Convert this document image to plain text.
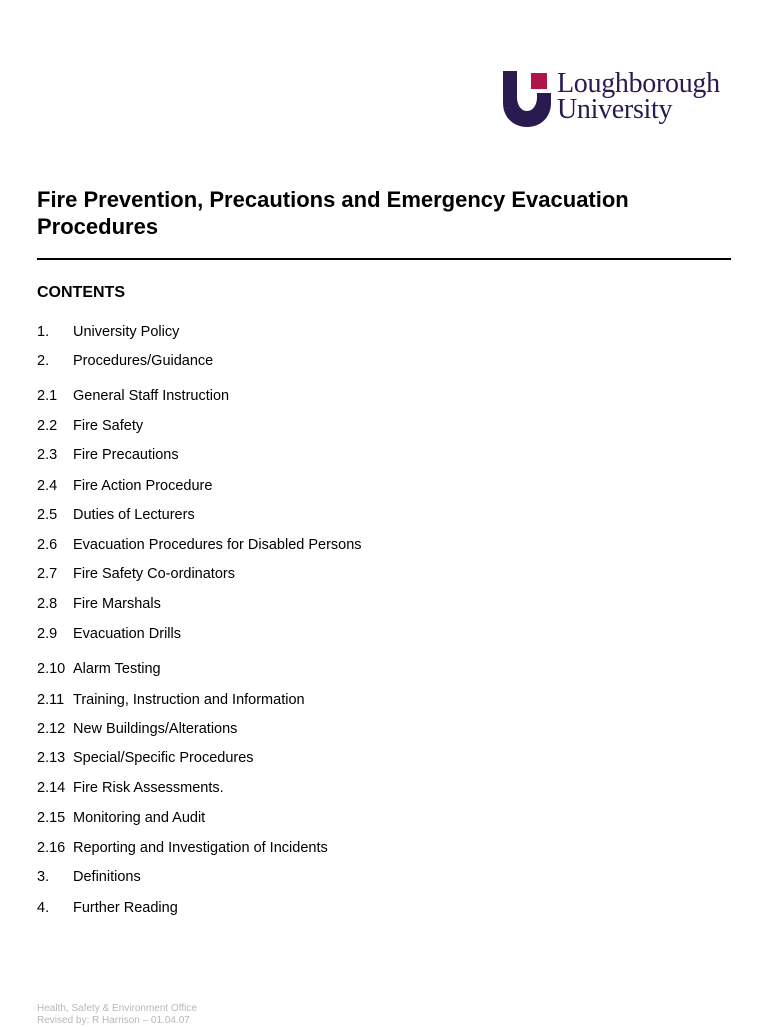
Loughborough
University
Fire Prevention, Precautions and Emergency Evacuation Procedures
CONTENTS
1. University Policy
2. Procedures/Guidance
2.1 General Staff Instruction
2.2 Fire Safety
2.3 Fire Precautions
2.4 Fire Action Procedure
2.5 Duties of Lecturers
2.6 Evacuation Procedures for Disabled Persons
2.7 Fire Safety Co-ordinators
2.8 Fire Marshals
2.9 Evacuation Drills
2.10 Alarm Testing
2.11 Training, Instruction and Information
2.12 New Buildings/Alterations
2.13 Special/Specific Procedures
2.14 Fire Risk Assessments.
2.15 Monitoring and Audit
2.16 Reporting and Investigation of Incidents
3. Definitions
4. Further Reading
Health, Safety & Environment Office
Revised by: R Harrison – 01.04.07
